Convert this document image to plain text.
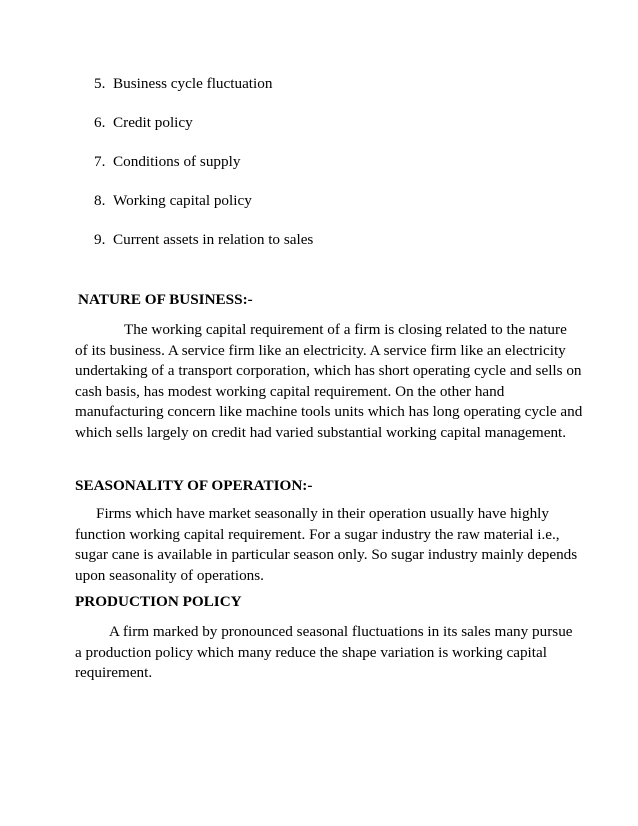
5. Business cycle fluctuation
6. Credit policy
7. Conditions of supply
8. Working capital policy
9. Current assets in relation to sales
NATURE OF BUSINESS:-

The working capital requirement of a firm is closing related to the nature
of its business. A service firm like an electricity. A service firm like an electricity
undertaking of a transport corporation, which has short operating cycle and sells on
cash basis, has modest working capital requirement. On the other hand
manufacturing concern like machine tools units which has long operating cycle and
which sells largely on credit had varied substantial working capital management.

SEASONALITY OF OPERATION:-

Firms which have market seasonally in their operation usually have highly
function working capital requirement. For a sugar industry the raw material i.e.,
sugar cane is available in particular season only. So sugar industry mainly depends
upon seasonality of operations.

PRODUCTION POLICY

A firm marked by pronounced seasonal fluctuations in its sales many pursue
a production policy which many reduce the shape variation is working capital
requirement.
